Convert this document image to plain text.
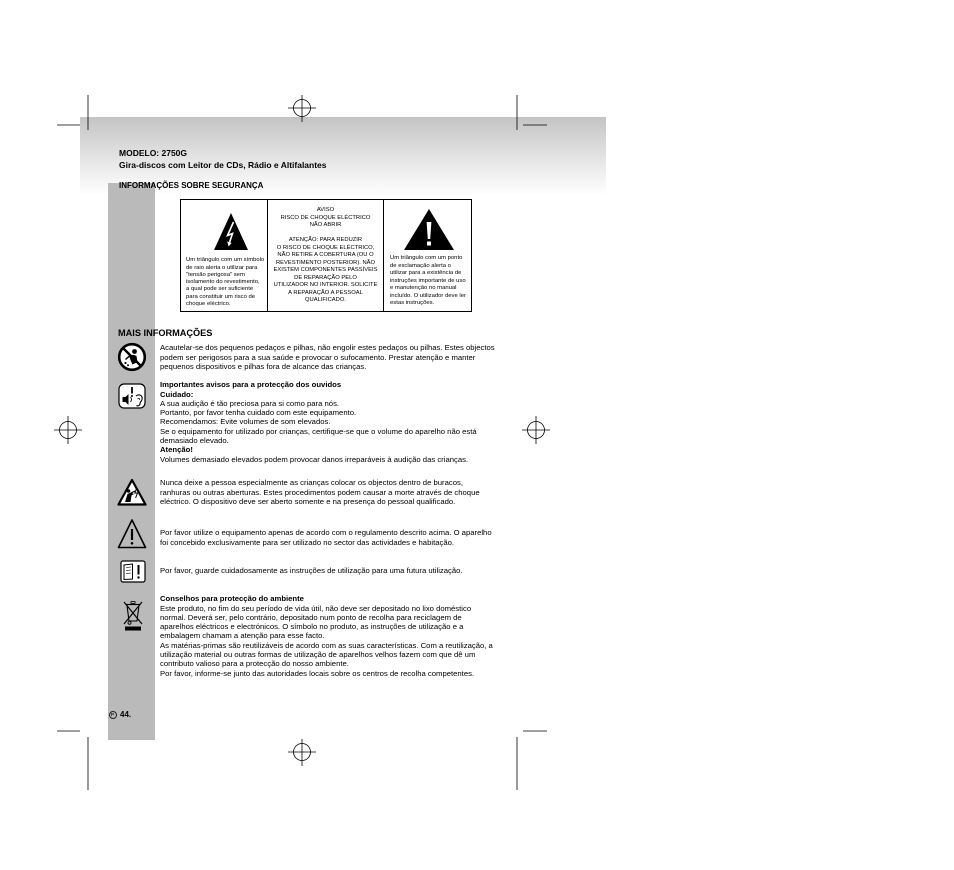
MODELO: 2750G
Gira-discos com Leitor de CDs, Rádio e Altifalantes
INFORMAÇÕES SOBRE SEGURANÇA
Um triângulo com um símbolo
de raio alerta o utilizar para
"tensão perigosa" sem
isolamento do revestimento,
a qual pode ser suficiente
para constituir um risco de
choque eléctrico.
AVISO
RISCO DE CHOQUE ELÉCTRICO
NÃO ABRIR
ATENÇÃO: PARA REDUZIR
O RISCO DE CHOQUE ELÉCTRICO,
NÃO RETIRE A COBERTURA (OU O
REVESTIMENTO POSTERIOR). NÃO
EXISTEM COMPONENTES PASSÍVEIS
DE REPARAÇÃO PELO
UTILIZADOR NO INTERIOR. SOLICITE
A REPARAÇÃO A PESSOAL
QUALIFICADO.
Um triângulo com um ponto
de exclamação alerta o
utilizar para a existência de
instruções importante de uso
e manutenção no manual
incluído. O utilizador deve ler
estas instruções.
MAIS INFORMAÇÕES
Acautelar-se dos pequenos pedaços e pilhas, não engolir estes pedaços ou pilhas. Estes objectos
podem ser perigosos para a sua saúde e provocar o sufocamento. Prestar atenção e manter
pequenos dispositivos e pilhas fora de alcance das crianças.
Importantes avisos para a protecção dos ouvidos
Cuidado:
A sua audição é tão preciosa para si como para nós.
Portanto, por favor tenha cuidado com este equipamento.
Recomendamos: Evite volumes de som elevados.
Se o equipamento for utilizado por crianças, certifique-se que o volume do aparelho não está
demasiado elevado.
Atenção!
Volumes demasiado elevados podem provocar danos irreparáveis à audição das crianças.
Nunca deixe a pessoa especialmente as crianças colocar os objectos dentro de buracos,
ranhuras ou outras aberturas. Estes procedimentos podem causar a morte através de choque
eléctrico. O dispositivo deve ser aberto somente e na presença do pessoal qualificado.
Por favor utilize o equipamento apenas de acordo com o regulamento descrito acima. O aparelho
foi concebido exclusivamente para ser utilizado no sector das actividades e habitação.
Por favor, guarde cuidadosamente as instruções de utilização para uma futura utilização.
Conselhos para protecção do ambiente
Este produto, no fim do seu período de vida útil, não deve ser depositado no lixo doméstico
normal. Deverá ser, pelo contrário, depositado num ponto de recolha para reciclagem de
aparelhos eléctricos e electrónicos. O símbolo no produto, as instruções de utilização e a
embalagem chamam a atenção para esse facto.
As matérias-primas são reutilizáveis de acordo com as suas características. Com a reutilização, a
utilização material ou outras formas de utilização de aparelhos velhos fazem com que dê um
contributo valioso para a protecção do nosso ambiente.
Por favor, informe-se junto das autoridades locais sobre os centros de recolha competentes.
P 44.
